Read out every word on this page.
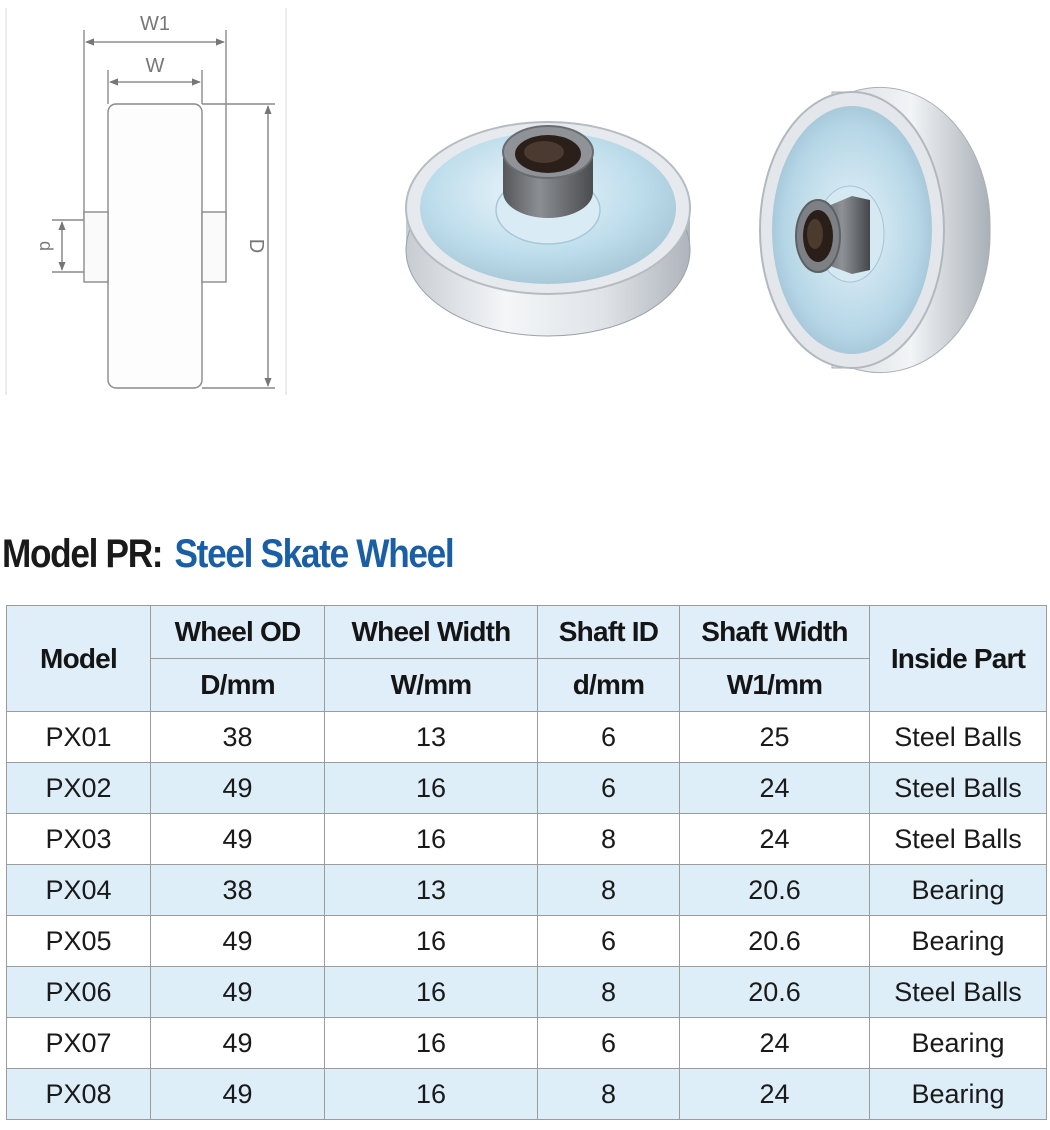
W1
W
D
d
Model PR: Steel Skate Wheel
Model	Wheel OD	Wheel Width	Shaft ID	Shaft Width	Inside Part
	D/mm	W/mm	d/mm	W1/mm	
PX01	38	13	6	25	Steel Balls
PX02	49	16	6	24	Steel Balls
PX03	49	16	8	24	Steel Balls
PX04	38	13	8	20.6	Bearing
PX05	49	16	6	20.6	Bearing
PX06	49	16	8	20.6	Steel Balls
PX07	49	16	6	24	Bearing
PX08	49	16	8	24	Bearing
